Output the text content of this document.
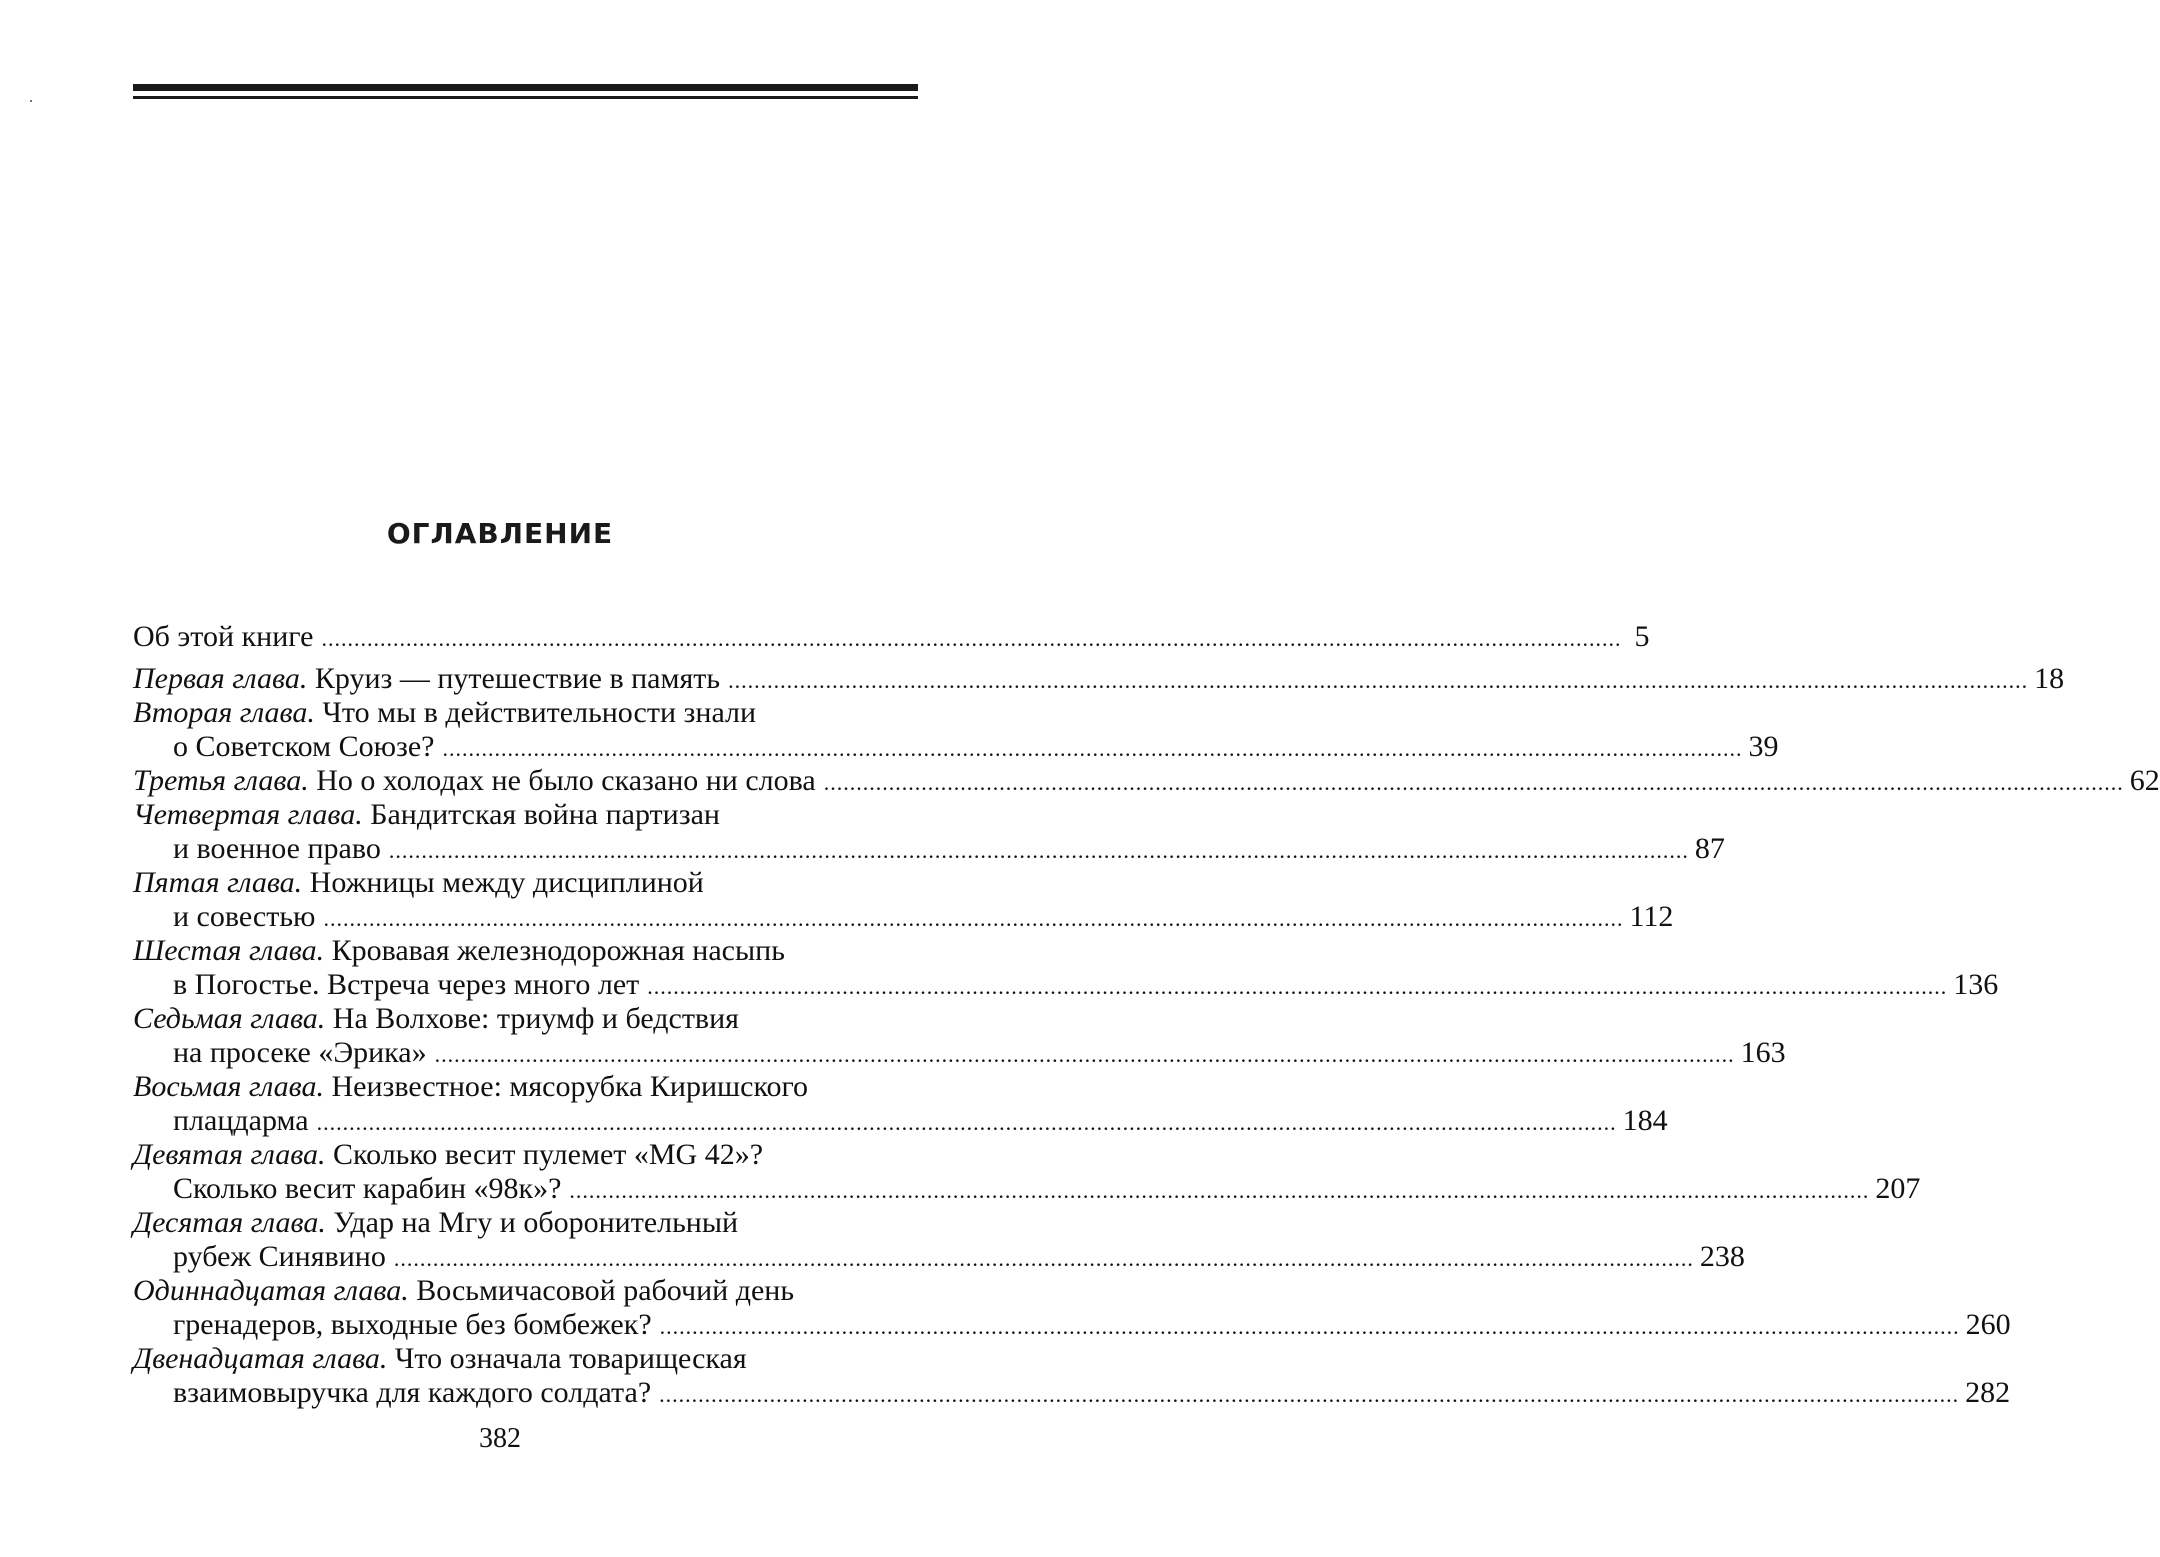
ОГЛАВЛЕНИЕ
Об этой книге ........................................................................................................................................................................................................ 5
Первая глава.
Круиз — путешествие в память ........................................................................................................................................................................................................ 18
Вторая глава.
Что мы в действительности знали
о Советском Союзе? ........................................................................................................................................................................................................ 39
Третья глава.
Но о холодах не было сказано ни слова ........................................................................................................................................................................................................ 62
Четвертая глава.
Бандитская война партизан
и военное право ........................................................................................................................................................................................................ 87
Пятая глава.
Ножницы между дисциплиной
и совестью ........................................................................................................................................................................................................ 112
Шестая глава.
Кровавая железнодорожная насыпь
в Погостье. Встреча через много лет ........................................................................................................................................................................................................ 136
Седьмая глава.
На Волхове: триумф и бедствия
на просеке «Эрика» ........................................................................................................................................................................................................ 163
Восьмая глава.
Неизвестное: мясорубка Киришского
плацдарма ........................................................................................................................................................................................................ 184
Девятая глава.
Сколько весит пулемет «MG 42»?
Сколько весит карабин «98к»? ........................................................................................................................................................................................................ 207
Десятая глава.
Удар на Мгу и оборонительный
рубеж Синявино ........................................................................................................................................................................................................ 238
Одиннадцатая глава.
Восьмичасовой рабочий день
гренадеров, выходные без бомбежек? ........................................................................................................................................................................................................ 260
Двенадцатая глава.
Что означала товарищеская
взаимовыручка для каждого солдата? ........................................................................................................................................................................................................ 282
382
